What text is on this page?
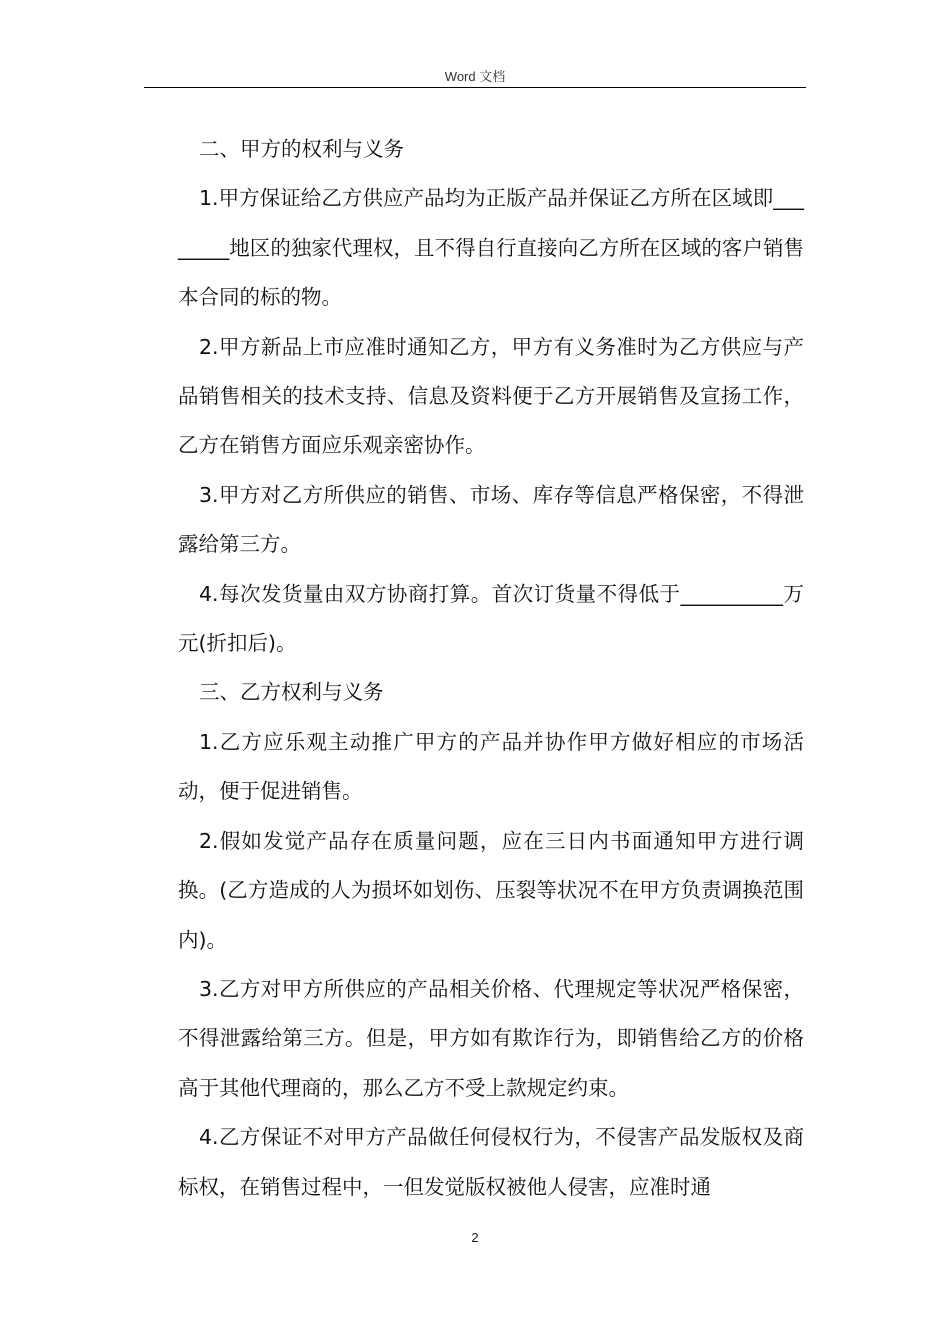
Word 文档

二、甲方的权利与义务

1.甲方保证给乙方供应产品均为正版产品并保证乙方所在区域即________地区的独家代理权，且不得自行直接向乙方所在区域的客户销售本合同的标的物。

2.甲方新品上市应准时通知乙方，甲方有义务准时为乙方供应与产品销售相关的技术支持、信息及资料便于乙方开展销售及宣扬工作，乙方在销售方面应乐观亲密协作。

3.甲方对乙方所供应的销售、市场、库存等信息严格保密，不得泄露给第三方。

4.每次发货量由双方协商打算。首次订货量不得低于__________万元(折扣后)。

三、乙方权利与义务

1.乙方应乐观主动推广甲方的产品并协作甲方做好相应的市场活动，便于促进销售。

2.假如发觉产品存在质量问题，应在三日内书面通知甲方进行调换。(乙方造成的人为损坏如划伤、压裂等状况不在甲方负责调换范围内)。

3.乙方对甲方所供应的产品相关价格、代理规定等状况严格保密，不得泄露给第三方。但是，甲方如有欺诈行为，即销售给乙方的价格高于其他代理商的，那么乙方不受上款规定约束。

4.乙方保证不对甲方产品做任何侵权行为，不侵害产品发版权及商标权，在销售过程中，一但发觉版权被他人侵害，应准时通

2
